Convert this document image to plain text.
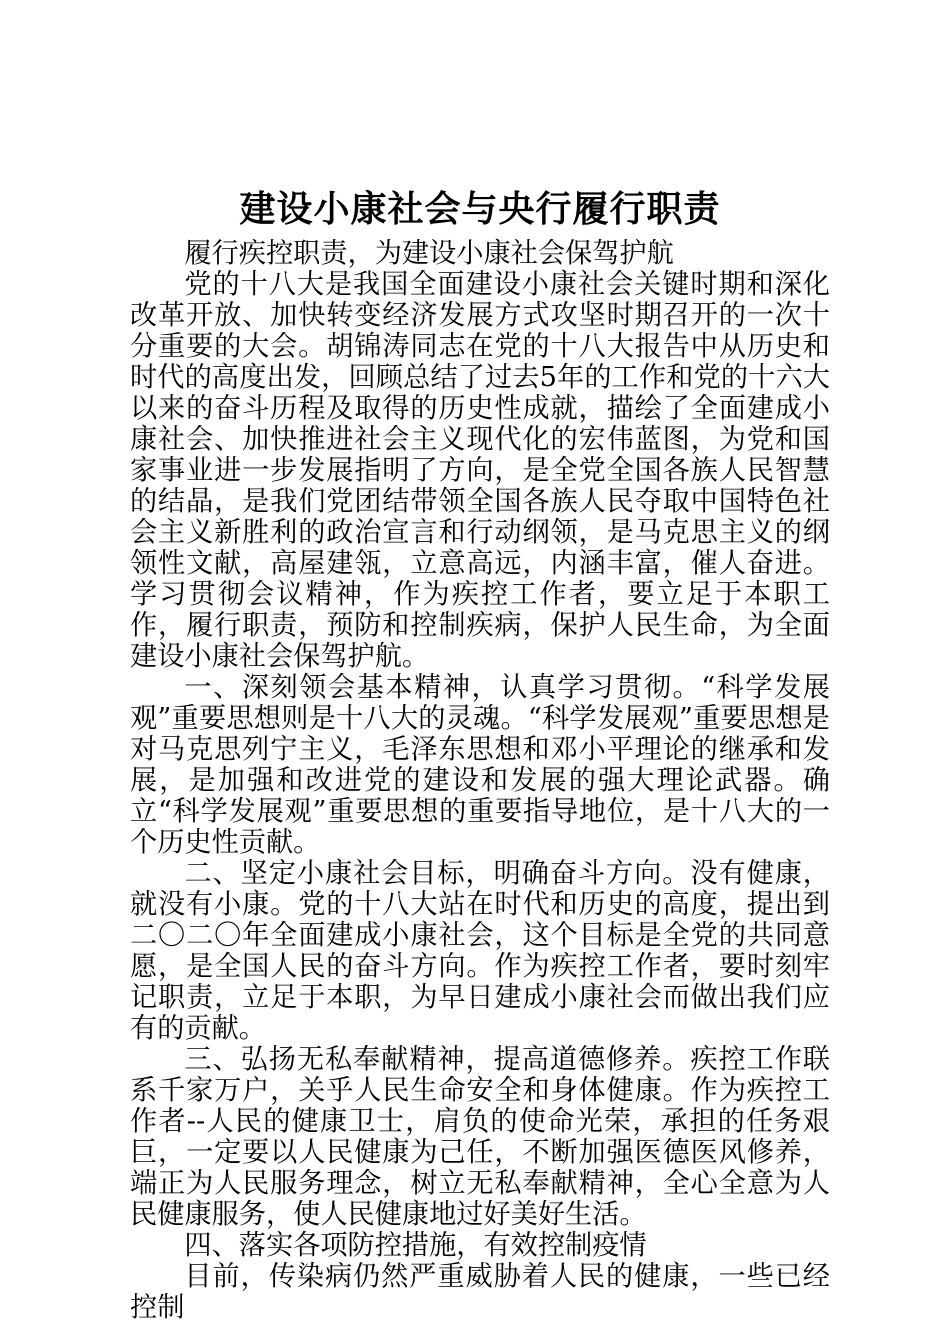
建设小康社会与央行履行职责

履行疾控职责，为建设小康社会保驾护航

党的十八大是我国全面建设小康社会关键时期和深化改革开放、加快转变经济发展方式攻坚时期召开的一次十分重要的大会。胡锦涛同志在党的十八大报告中从历史和时代的高度出发，回顾总结了过去5年的工作和党的十六大以来的奋斗历程及取得的历史性成就，描绘了全面建成小康社会、加快推进社会主义现代化的宏伟蓝图，为党和国家事业进一步发展指明了方向，是全党全国各族人民智慧的结晶，是我们党团结带领全国各族人民夺取中国特色社会主义新胜利的政治宣言和行动纲领，是马克思主义的纲领性文献，高屋建瓴，立意高远，内涵丰富，催人奋进。学习贯彻会议精神，作为疾控工作者，要立足于本职工作，履行职责，预防和控制疾病，保护人民生命，为全面建设小康社会保驾护航。

一、深刻领会基本精神，认真学习贯彻。“科学发展观”重要思想则是十八大的灵魂。“科学发展观”重要思想是对马克思列宁主义，毛泽东思想和邓小平理论的继承和发展，是加强和改进党的建设和发展的强大理论武器。确立“科学发展观”重要思想的重要指导地位，是十八大的一个历史性贡献。

二、坚定小康社会目标，明确奋斗方向。没有健康，就没有小康。党的十八大站在时代和历史的高度，提出到二〇二〇年全面建成小康社会，这个目标是全党的共同意愿，是全国人民的奋斗方向。作为疾控工作者，要时刻牢记职责，立足于本职，为早日建成小康社会而做出我们应有的贡献。

三、弘扬无私奉献精神，提高道德修养。疾控工作联系千家万户，关乎人民生命安全和身体健康。作为疾控工作者--人民的健康卫士，肩负的使命光荣，承担的任务艰巨，一定要以人民健康为己任，不断加强医德医风修养，端正为人民服务理念，树立无私奉献精神，全心全意为人民健康服务，使人民健康地过好美好生活。

四、落实各项防控措施，有效控制疫情

目前，传染病仍然严重威胁着人民的健康，一些已经控制
